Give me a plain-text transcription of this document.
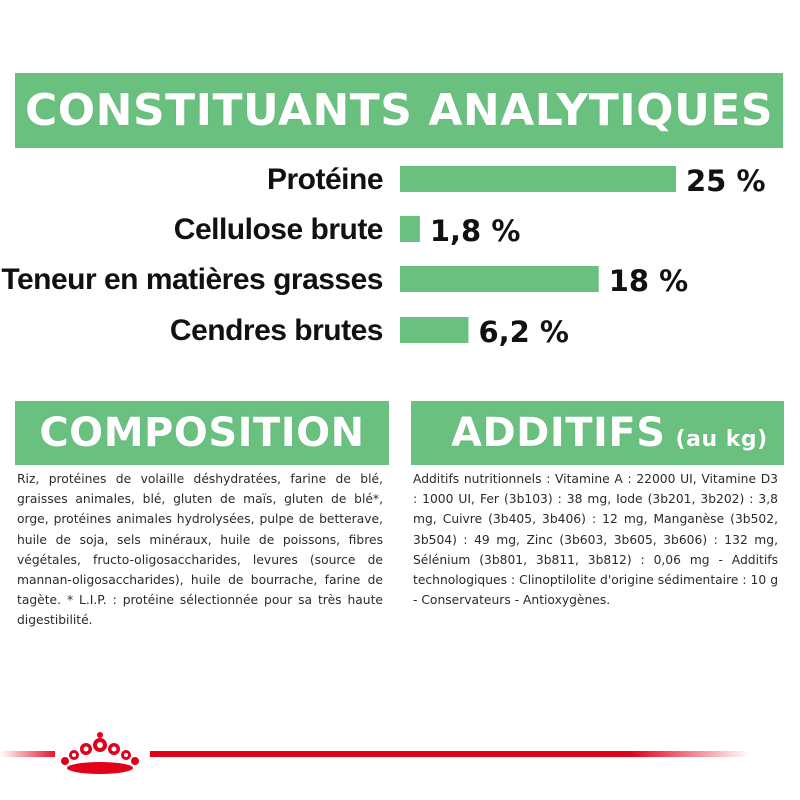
CONSTITUANTS ANALYTIQUES
Protéine	25 %
Cellulose brute 1,8 %
Teneur en matières grasses	18 %
Cendres brutes	6,2 %
COMPOSITION ADDITIFS (au kg)
Riz, protéines de volaille déshydratées, farine de blé, graisses animales, blé, gluten de maïs, gluten de blé*, orge, protéines animales hydrolysées, pulpe de betterave, huile de soja, sels minéraux, huile de poissons, fibres végétales, fructo-oligosaccharides, levures (source de mannan-oligosaccharides), huile de bourrache, farine de tagète. * L.I.P. : protéine sélectionnée pour sa très haute digestibilité.
Additifs nutritionnels : Vitamine A : 22000 UI, Vitamine D3 : 1000 UI, Fer (3b103) : 38 mg, Iode (3b201, 3b202) : 3,8 mg, Cuivre (3b405, 3b406) : 12 mg, Manganèse (3b502, 3b504) : 49 mg, Zinc (3b603, 3b605, 3b606) : 132 mg, Sélénium (3b801, 3b811, 3b812) : 0,06 mg - Additifs technologiques : Clinoptilolite d'origine sédimentaire : 10 g - Conservateurs - Antioxygènes.
